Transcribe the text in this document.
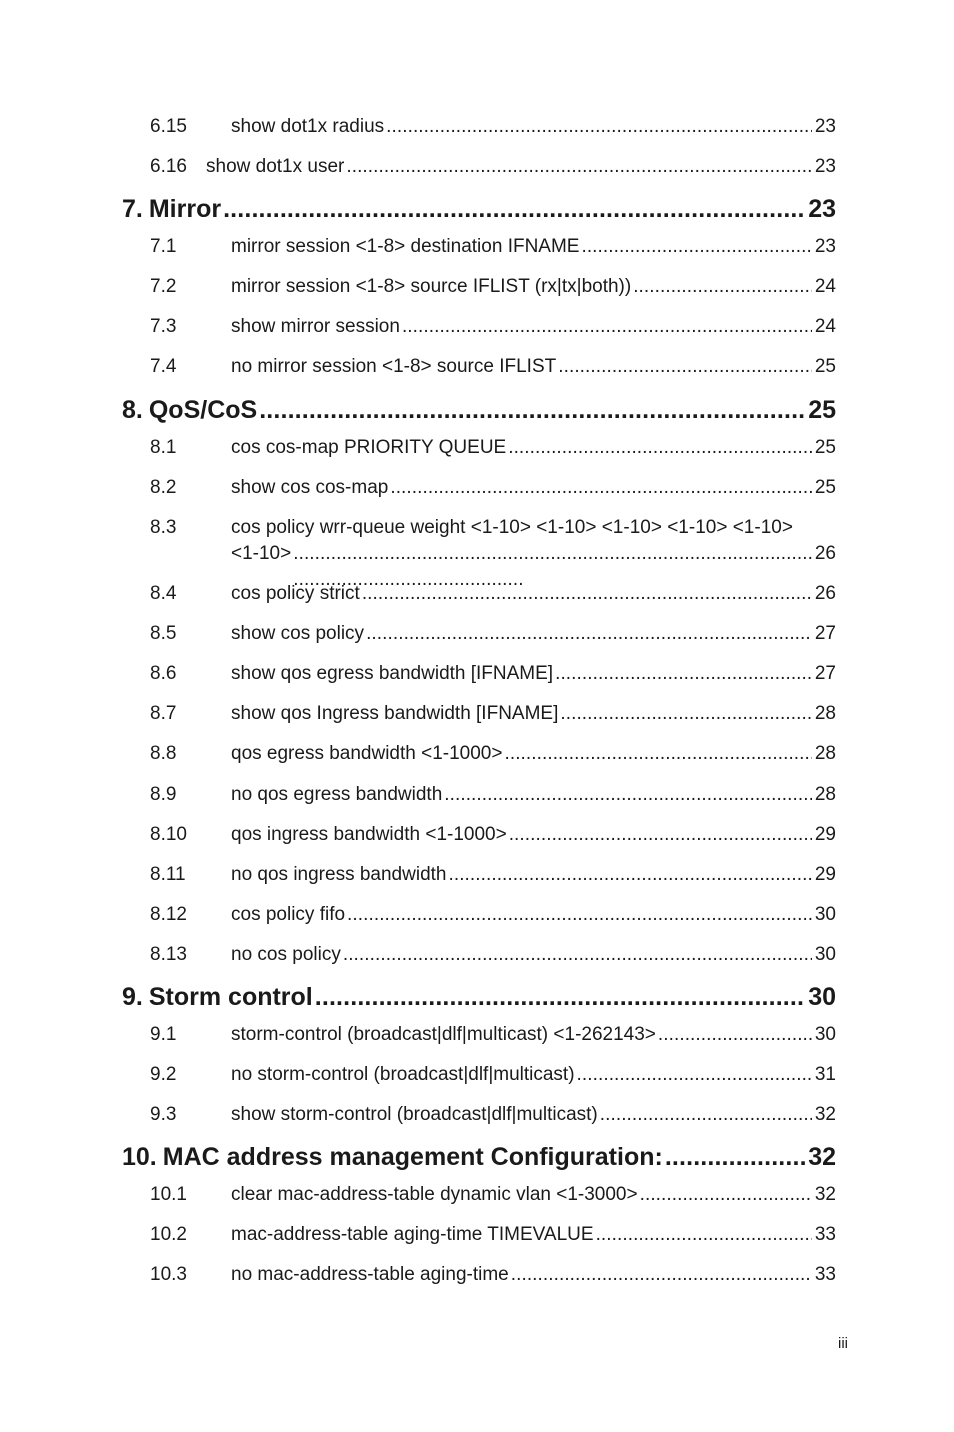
6.15	show dot1x radius . . .	23
6.16	show dot1x user . . .	23
7. Mirror . . .	23
7.1	mirror session <1-8> destination IFNAME . . .	23
7.2	mirror session <1-8> source IFLIST (rx|tx|both)) . . .	24
7.3	show mirror session . . .	24
7.4	no mirror session <1-8> source IFLIST . . .	25
8. QoS/CoS . . .	25
8.1	cos cos-map PRIORITY QUEUE . . .	25
8.2	show cos cos-map . . .	25
8.3	cos policy wrr-queue weight <1-10> <1-10> <1-10> <1-10> <1-10>
<1-10> . . .	26
8.4	cos policy strict . . .	26
8.5	show cos policy . . .	27
8.6	show qos egress bandwidth [IFNAME] . . .	27
8.7	show qos Ingress bandwidth [IFNAME] . . .	28
8.8	qos egress bandwidth <1-1000> . . .	28
8.9	no qos egress bandwidth . . .	28
8.10	qos ingress bandwidth <1-1000> . . .	29
8.11	no qos ingress bandwidth . . .	29
8.12	cos policy fifo . . .	30
8.13	no cos policy . . .	30
9. Storm control . . .	30
9.1	storm-control (broadcast|dlf|multicast) <1-262143> . . .	30
9.2	no storm-control (broadcast|dlf|multicast) . . .	31
9.3	show storm-control (broadcast|dlf|multicast) . . .	32
10. MAC address management Configuration: . . .	32
10.1	clear mac-address-table dynamic vlan <1-3000> . . .	32
10.2	mac-address-table aging-time TIMEVALUE . . .	33
10.3	no mac-address-table aging-time . . .	33
iii
